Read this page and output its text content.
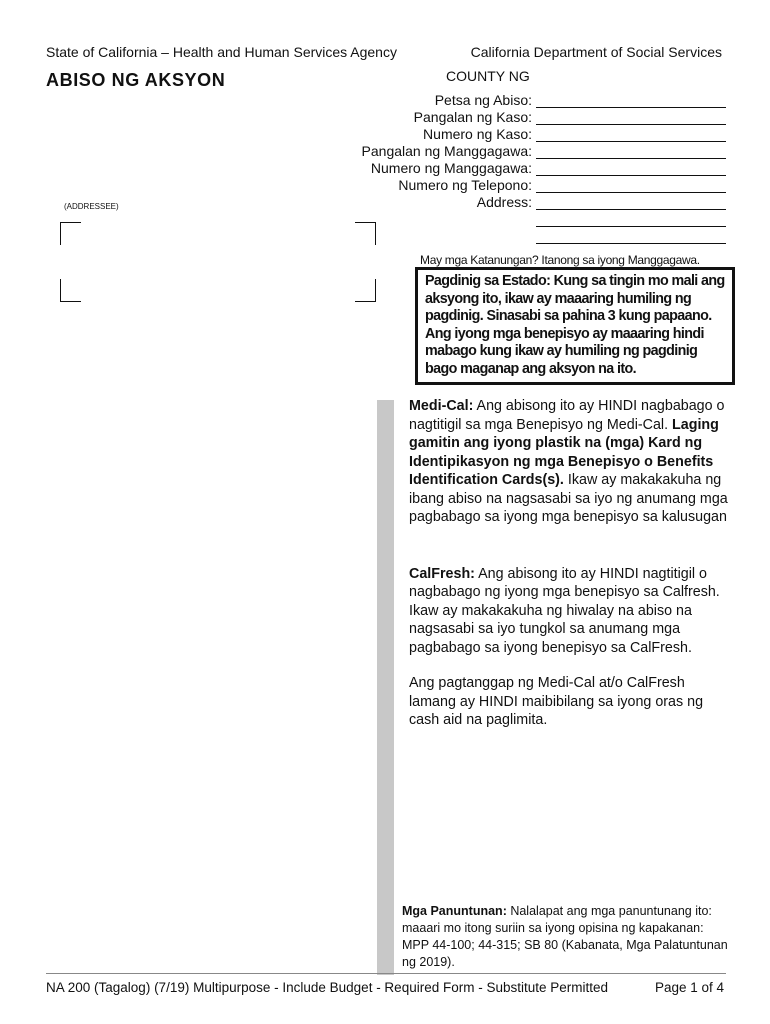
State of California – Health and Human Services Agency	California Department of Social Services
ABISO NG AKSYON	COUNTY NG
Petsa ng Abiso:
Pangalan ng Kaso:
Numero ng Kaso:
Pangalan ng Manggagawa:
Numero ng Manggagawa:
Numero ng Telepono:
Address:
(ADDRESSEE)
May mga Katanungan? Itanong sa iyong Manggagawa.
Pagdinig sa Estado: Kung sa tingin mo mali ang aksyong ito, ikaw ay maaaring humiling ng pagdinig. Sinasabi sa pahina 3 kung papaano. Ang iyong mga benepisyo ay maaaring hindi mabago kung ikaw ay humiling ng pagdinig bago maganap ang aksyon na ito.

Medi-Cal: Ang abisong ito ay HINDI nagbabago o nagtitigil sa mga Benepisyo ng Medi-Cal. Laging gamitin ang iyong plastik na (mga) Kard ng Identipikasyon ng mga Benepisyo o Benefits Identification Cards(s). Ikaw ay makakakuha ng ibang abiso na nagsasabi sa iyo ng anumang mga pagbabago sa iyong mga benepisyo sa kalusugan

CalFresh: Ang abisong ito ay HINDI nagtitigil o nagbabago ng iyong mga benepisyo sa Calfresh. Ikaw ay makakakuha ng hiwalay na abiso na nagsasabi sa iyo tungkol sa anumang mga pagbabago sa iyong benepisyo sa CalFresh.

Ang pagtanggap ng Medi-Cal at/o CalFresh lamang ay HINDI maibibilang sa iyong oras ng cash aid na paglimita.

Mga Panuntunan: Nalalapat ang mga panuntunang ito: maaari mo itong suriin sa iyong opisina ng kapakanan: MPP 44-100; 44-315; SB 80 (Kabanata, Mga Palatuntunan ng 2019).
NA 200 (Tagalog) (7/19) Multipurpose - Include Budget - Required Form - Substitute Permitted	Page 1 of 4
